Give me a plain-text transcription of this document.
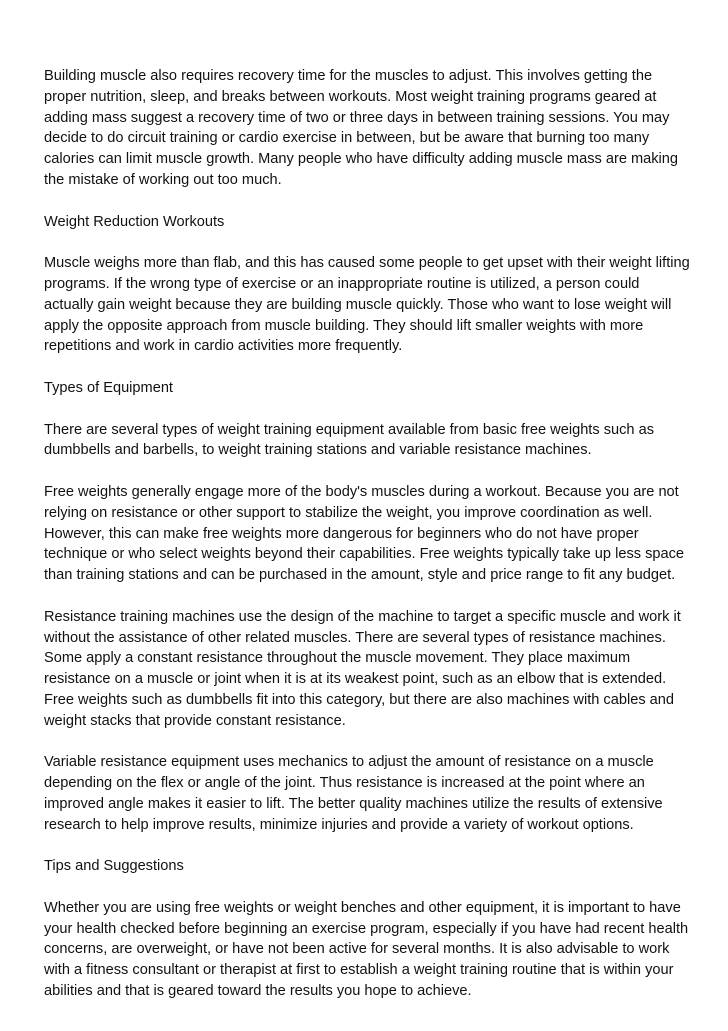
Building muscle also requires recovery time for the muscles to adjust. This involves getting the proper nutrition, sleep, and breaks between workouts. Most weight training programs geared at adding mass suggest a recovery time of two or three days in between training sessions. You may decide to do circuit training or cardio exercise in between, but be aware that burning too many calories can limit muscle growth. Many people who have difficulty adding muscle mass are making the mistake of working out too much.

Weight Reduction Workouts

Muscle weighs more than flab, and this has caused some people to get upset with their weight lifting programs. If the wrong type of exercise or an inappropriate routine is utilized, a person could actually gain weight because they are building muscle quickly. Those who want to lose weight will apply the opposite approach from muscle building. They should lift smaller weights with more repetitions and work in cardio activities more frequently.

Types of Equipment

There are several types of weight training equipment available from basic free weights such as dumbbells and barbells, to weight training stations and variable resistance machines.

Free weights generally engage more of the body's muscles during a workout. Because you are not relying on resistance or other support to stabilize the weight, you improve coordination as well. However, this can make free weights more dangerous for beginners who do not have proper technique or who select weights beyond their capabilities. Free weights typically take up less space than training stations and can be purchased in the amount, style and price range to fit any budget.

Resistance training machines use the design of the machine to target a specific muscle and work it without the assistance of other related muscles. There are several types of resistance machines. Some apply a constant resistance throughout the muscle movement. They place maximum resistance on a muscle or joint when it is at its weakest point, such as an elbow that is extended. Free weights such as dumbbells fit into this category, but there are also machines with cables and weight stacks that provide constant resistance.

Variable resistance equipment uses mechanics to adjust the amount of resistance on a muscle depending on the flex or angle of the joint. Thus resistance is increased at the point where an improved angle makes it easier to lift. The better quality machines utilize the results of extensive research to help improve results, minimize injuries and provide a variety of workout options.

Tips and Suggestions

Whether you are using free weights or weight benches and other equipment, it is important to have your health checked before beginning an exercise program, especially if you have had recent health concerns, are overweight, or have not been active for several months. It is also advisable to work with a fitness consultant or therapist at first to establish a weight training routine that is within your abilities and that is geared toward the results you hope to achieve.
